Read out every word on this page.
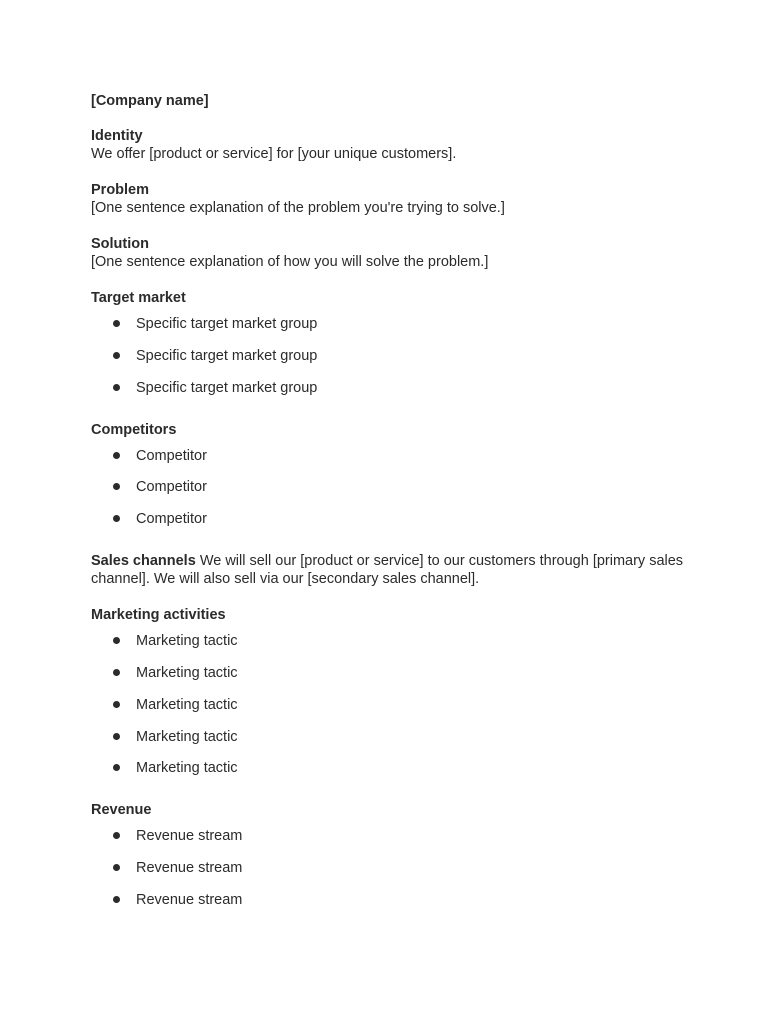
[Company name]
Identity

We offer [product or service] for [your unique customers].

Problem

[One sentence explanation of the problem you're trying to solve.]

Solution

[One sentence explanation of how you will solve the problem.]

Target market
Specific target market group
Specific target market group
Specific target market group
Competitors
Competitor
Competitor
Competitor

Sales channels We will sell our [product or service] to our customers through [primary sales channel]. We will also sell via our [secondary sales channel].

Marketing activities
Marketing tactic
Marketing tactic
Marketing tactic
Marketing tactic
Marketing tactic
Revenue
Revenue stream
Revenue stream
Revenue stream
